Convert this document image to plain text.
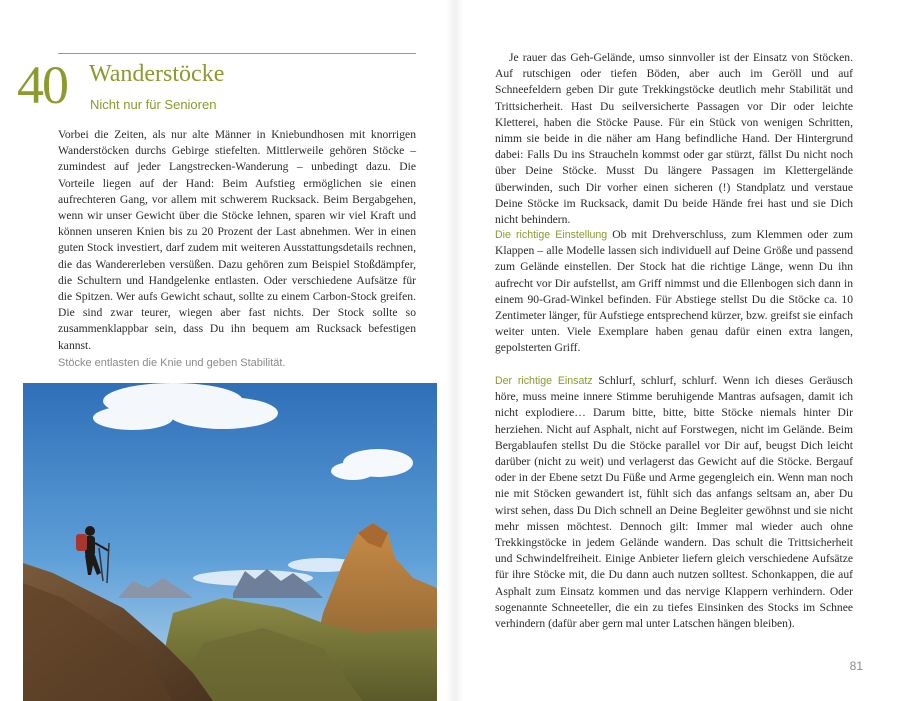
40 Wanderstöcke
Nicht nur für Senioren

Vorbei die Zeiten, als nur alte Männer in Kniebundhosen mit knorrigen Wanderstöcken durchs Gebirge stiefelten. Mittlerweile gehören Stöcke – zumindest auf jeder Langstrecken-Wanderung – unbedingt dazu. Die Vorteile liegen auf der Hand: Beim Aufstieg ermöglichen sie einen aufrechteren Gang, vor allem mit schwerem Rucksack. Beim Bergabgehen, wenn wir unser Gewicht über die Stöcke lehnen, sparen wir viel Kraft und können unseren Knien bis zu 20 Prozent der Last abnehmen. Wer in einen guten Stock investiert, darf zudem mit weiteren Ausstattungsdetails rechnen, die das Wandererleben versüßen. Dazu gehören zum Beispiel Stoßdämpfer, die Schultern und Handgelenke entlasten. Oder verschiedene Aufsätze für die Spitzen. Wer aufs Gewicht schaut, sollte zu einem Carbon-Stock greifen. Die sind zwar teurer, wiegen aber fast nichts. Der Stock sollte so zusammenklappbar sein, dass Du ihn bequem am Rucksack befestigen kannst.

Stöcke entlasten die Knie und geben Stabilität.

Je rauer das Geh-Gelände, umso sinnvoller ist der Einsatz von Stöcken. Auf rutschigen oder tiefen Böden, aber auch im Geröll und auf Schneefeldern geben Dir gute Trekkingstöcke deutlich mehr Stabilität und Trittsicherheit. Hast Du seilversicherte Passagen vor Dir oder leichte Kletterei, haben die Stöcke Pause. Für ein Stück von wenigen Schritten, nimm sie beide in die näher am Hang befindliche Hand. Der Hintergrund dabei: Falls Du ins Straucheln kommst oder gar stürzt, fällst Du nicht noch über Deine Stöcke. Musst Du längere Passagen im Klettergelände überwinden, such Dir vorher einen sicheren (!) Standplatz und verstaue Deine Stöcke im Rucksack, damit Du beide Hände frei hast und sie Dich nicht behindern.

Die richtige Einstellung Ob mit Drehverschluss, zum Klemmen oder zum Klappen – alle Modelle lassen sich individuell auf Deine Größe und passend zum Gelände einstellen. Der Stock hat die richtige Länge, wenn Du ihn aufrecht vor Dir aufstellst, am Griff nimmst und die Ellenbogen sich dann in einem 90-Grad-Winkel befinden. Für Abstiege stellst Du die Stöcke ca. 10 Zentimeter länger, für Aufstiege entsprechend kürzer, bzw. greifst sie einfach weiter unten. Viele Exemplare haben genau dafür einen extra langen, gepolsterten Griff.

Der richtige Einsatz Schlurf, schlurf, schlurf. Wenn ich dieses Geräusch höre, muss meine innere Stimme beruhigende Mantras aufsagen, damit ich nicht explodiere… Darum bitte, bitte, bitte Stöcke niemals hinter Dir herziehen. Nicht auf Asphalt, nicht auf Forstwegen, nicht im Gelände. Beim Bergablaufen stellst Du die Stöcke parallel vor Dir auf, beugst Dich leicht darüber (nicht zu weit) und verlagerst das Gewicht auf die Stöcke. Bergauf oder in der Ebene setzt Du Füße und Arme gegengleich ein. Wenn man noch nie mit Stöcken gewandert ist, fühlt sich das anfangs seltsam an, aber Du wirst sehen, dass Du Dich schnell an Deine Begleiter gewöhnst und sie nicht mehr missen möchtest. Dennoch gilt: Immer mal wieder auch ohne Trekkingstöcke in jedem Gelände wandern. Das schult die Trittsicherheit und Schwindelfreiheit. Einige Anbieter liefern gleich verschiedene Aufsätze für ihre Stöcke mit, die Du dann auch nutzen solltest. Schonkappen, die auf Asphalt zum Einsatz kommen und das nervige Klappern verhindern. Oder sogenannte Schneeteller, die ein zu tiefes Einsinken des Stocks im Schnee verhindern (dafür aber gern mal unter Latschen hängen bleiben).

81
